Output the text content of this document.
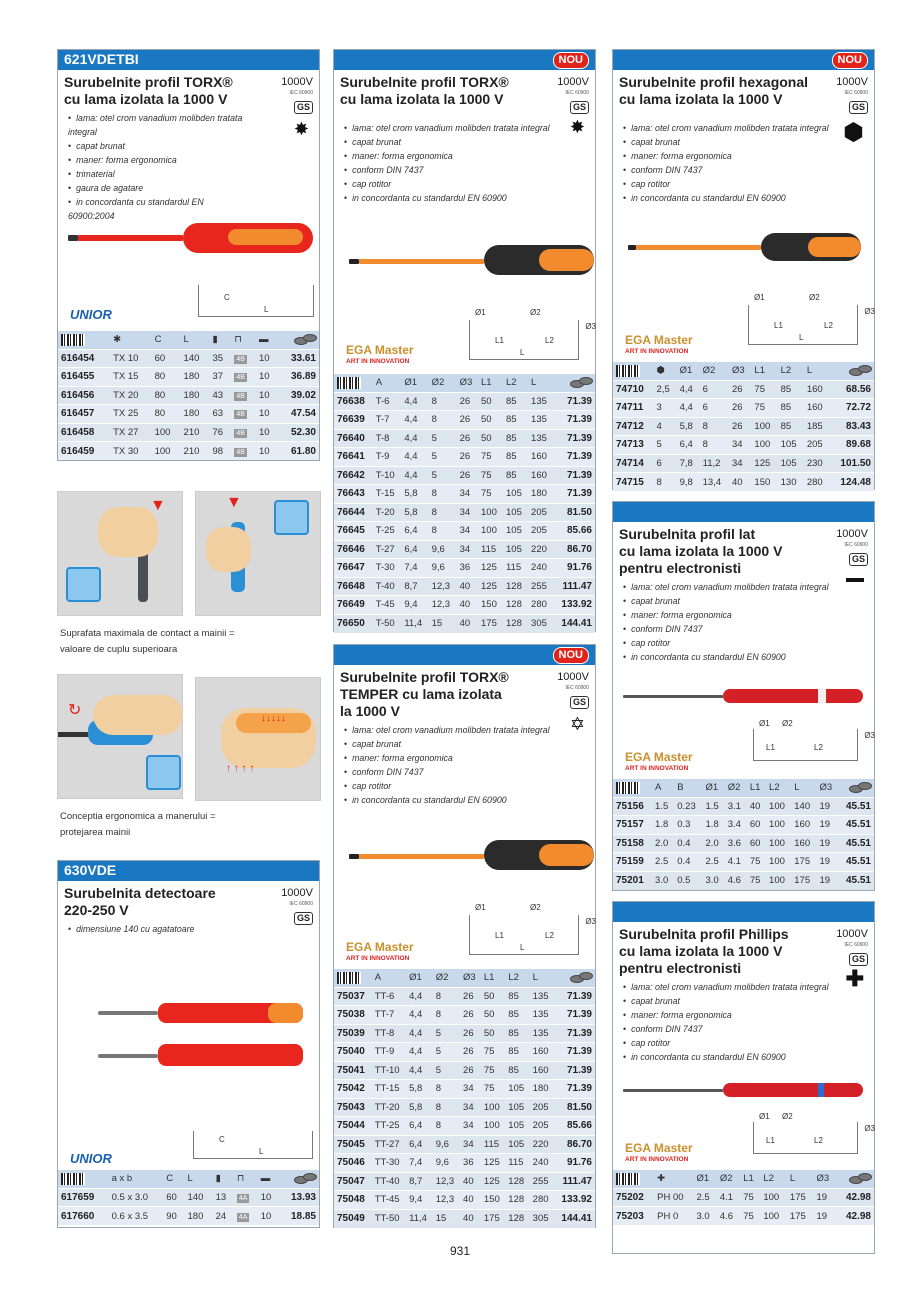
621VDETBI
1000V
IEC 60900
GS
✸
Surubelnite profil TORX®
cu lama izolata la 1000 V
• lama: otel crom vanadium molibden tratata integral
• capat brunat
• maner: forma ergonomica
• trimaterial
• gaura de agatare
• in concordanta cu standardul EN 60900:2004
C
L
UNIOR
	✱	C	L	▮	⊓	▬	
616454	TX 10	60	140	35	4B	10	33.61
616455	TX 15	80	180	37	4B	10	36.89
616456	TX 20	80	180	43	4B	10	39.02
616457	TX 25	80	180	63	4B	10	47.54
616458	TX 27	100	210	76	4B	10	52.30
616459	TX 30	100	210	98	4B	10	61.80
▼	▼
Suprafata maximala de contact a mainii =
valoare de cuplu superioara
↻	↓↓↓↓↓
↑ ↑ ↑ ↑
Conceptia ergonomica a manerului =
protejarea mainii
630VDE
1000V
IEC 60900
GS
Surubelnita detectoare
220-250 V
• dimensiune 140 cu agatatoare
C
L
UNIOR
	a x b	C	L	▮	⊓	▬	
617659	0.5 x 3.0	60	140	13	4A	10	13.93
617660	0.6 x 3.5	90	180	24	4A	10	18.85
NOU
1000V
IEC 60900
GS
✸
Surubelnite profil TORX®
cu lama izolata la 1000 V
• lama: otel crom vanadium molibden tratata integral
• capat brunat
• maner: forma ergonomica
• conform DIN 7437
• cap rotitor
• in concordanta cu standardul EN 60900
Ø1	Ø2
Ø3
L1	L2
L
EGA Master
ART IN INNOVATION
	A	Ø1	Ø2	Ø3	L1	L2	L	
76638	T-6	4,4	8	26	50	85	135	71.39
76639	T-7	4,4	8	26	50	85	135	71.39
76640	T-8	4,4	5	26	50	85	135	71.39
76641	T-9	4,4	5	26	75	85	160	71.39
76642	T-10	4,4	5	26	75	85	160	71.39
76643	T-15	5,8	8	34	75	105	180	71.39
76644	T-20	5,8	8	34	100	105	205	81.50
76645	T-25	6,4	8	34	100	105	205	85.66
76646	T-27	6,4	9,6	34	115	105	220	86.70
76647	T-30	7,4	9,6	36	125	115	240	91.76
76648	T-40	8,7	12,3	40	125	128	255	111.47
76649	T-45	9,4	12,3	40	150	128	280	133.92
76650	T-50	11,4	15	40	175	128	305	144.41
NOU
1000V
IEC 60900
GS
✡
Surubelnite profil TORX®
TEMPER cu lama izolata
la 1000 V
• lama: otel crom vanadium molibden tratata integral
• capat brunat
• maner: forma ergonomica
• conform DIN 7437
• cap rotitor
• in concordanta cu standardul EN 60900
Ø1	Ø2
Ø3
L1	L2
L
EGA Master
ART IN INNOVATION
	A	Ø1	Ø2	Ø3	L1	L2	L	
75037	TT-6	4,4	8	26	50	85	135	71.39
75038	TT-7	4,4	8	26	50	85	135	71.39
75039	TT-8	4,4	5	26	50	85	135	71.39
75040	TT-9	4,4	5	26	75	85	160	71.39
75041	TT-10	4,4	5	26	75	85	160	71.39
75042	TT-15	5,8	8	34	75	105	180	71.39
75043	TT-20	5,8	8	34	100	105	205	81.50
75044	TT-25	6,4	8	34	100	105	205	85.66
75045	TT-27	6,4	9,6	34	115	105	220	86.70
75046	TT-30	7,4	9,6	36	125	115	240	91.76
75047	TT-40	8,7	12,3	40	125	128	255	111.47
75048	TT-45	9,4	12,3	40	150	128	280	133.92
75049	TT-50	11,4	15	40	175	128	305	144.41
NOU
1000V
IEC 60900
GS
⬢
Surubelnite profil hexagonal
cu lama izolata la 1000 V
• lama: otel crom vanadium molibden tratata integral
• capat brunat
• maner: forma ergonomica
• conform DIN 7437
• cap rotitor
• in concordanta cu standardul EN 60900
Ø1	Ø2
Ø3
L1	L2
L
EGA Master
ART IN INNOVATION
	⬢	Ø1	Ø2	Ø3	L1	L2	L	
74710	2,5	4,4	6	26	75	85	160	68.56
74711	3	4,4	6	26	75	85	160	72.72
74712	4	5,8	8	26	100	85	185	83.43
74713	5	6,4	8	34	100	105	205	89.68
74714	6	7,8	11,2	34	125	105	230	101.50
74715	8	9,8	13,4	40	150	130	280	124.48
1000V
IEC 60900
GS
Surubelnita profil lat
cu lama izolata la 1000 V
pentru electronisti
• lama: otel crom vanadium molibden tratata integral
• capat brunat
• maner: forma ergonomica
• conform DIN 7437
• cap rotitor
• in concordanta cu standardul EN 60900
Ø1 Ø2
Ø3
L1	L2
EGA Master
ART IN INNOVATION
	A	B	Ø1	Ø2	L1	L2	L	Ø3	
75156	1.5	0.23	1.5	3.1	40	100	140	19	45.51
75157	1.8	0.3	1.8	3.4	60	100	160	19	45.51
75158	2.0	0.4	2.0	3.6	60	100	160	19	45.51
75159	2.5	0.4	2.5	4.1	75	100	175	19	45.51
75201	3.0	0.5	3.0	4.6	75	100	175	19	45.51
1000V
IEC 60900
GS
✚
Surubelnita profil Phillips
cu lama izolata la 1000 V
pentru electronisti
• lama: otel crom vanadium molibden tratata integral
• capat brunat
• maner: forma ergonomica
• conform DIN 7437
• cap rotitor
• in concordanta cu standardul EN 60900
Ø1 Ø2
Ø3
L1	L2
EGA Master
ART IN INNOVATION
	✚	Ø1	Ø2	L1	L2	L	Ø3	
75202	PH 00	2.5	4.1	75	100	175	19	42.98
75203	PH 0	3.0	4.6	75	100	175	19	42.98
931
